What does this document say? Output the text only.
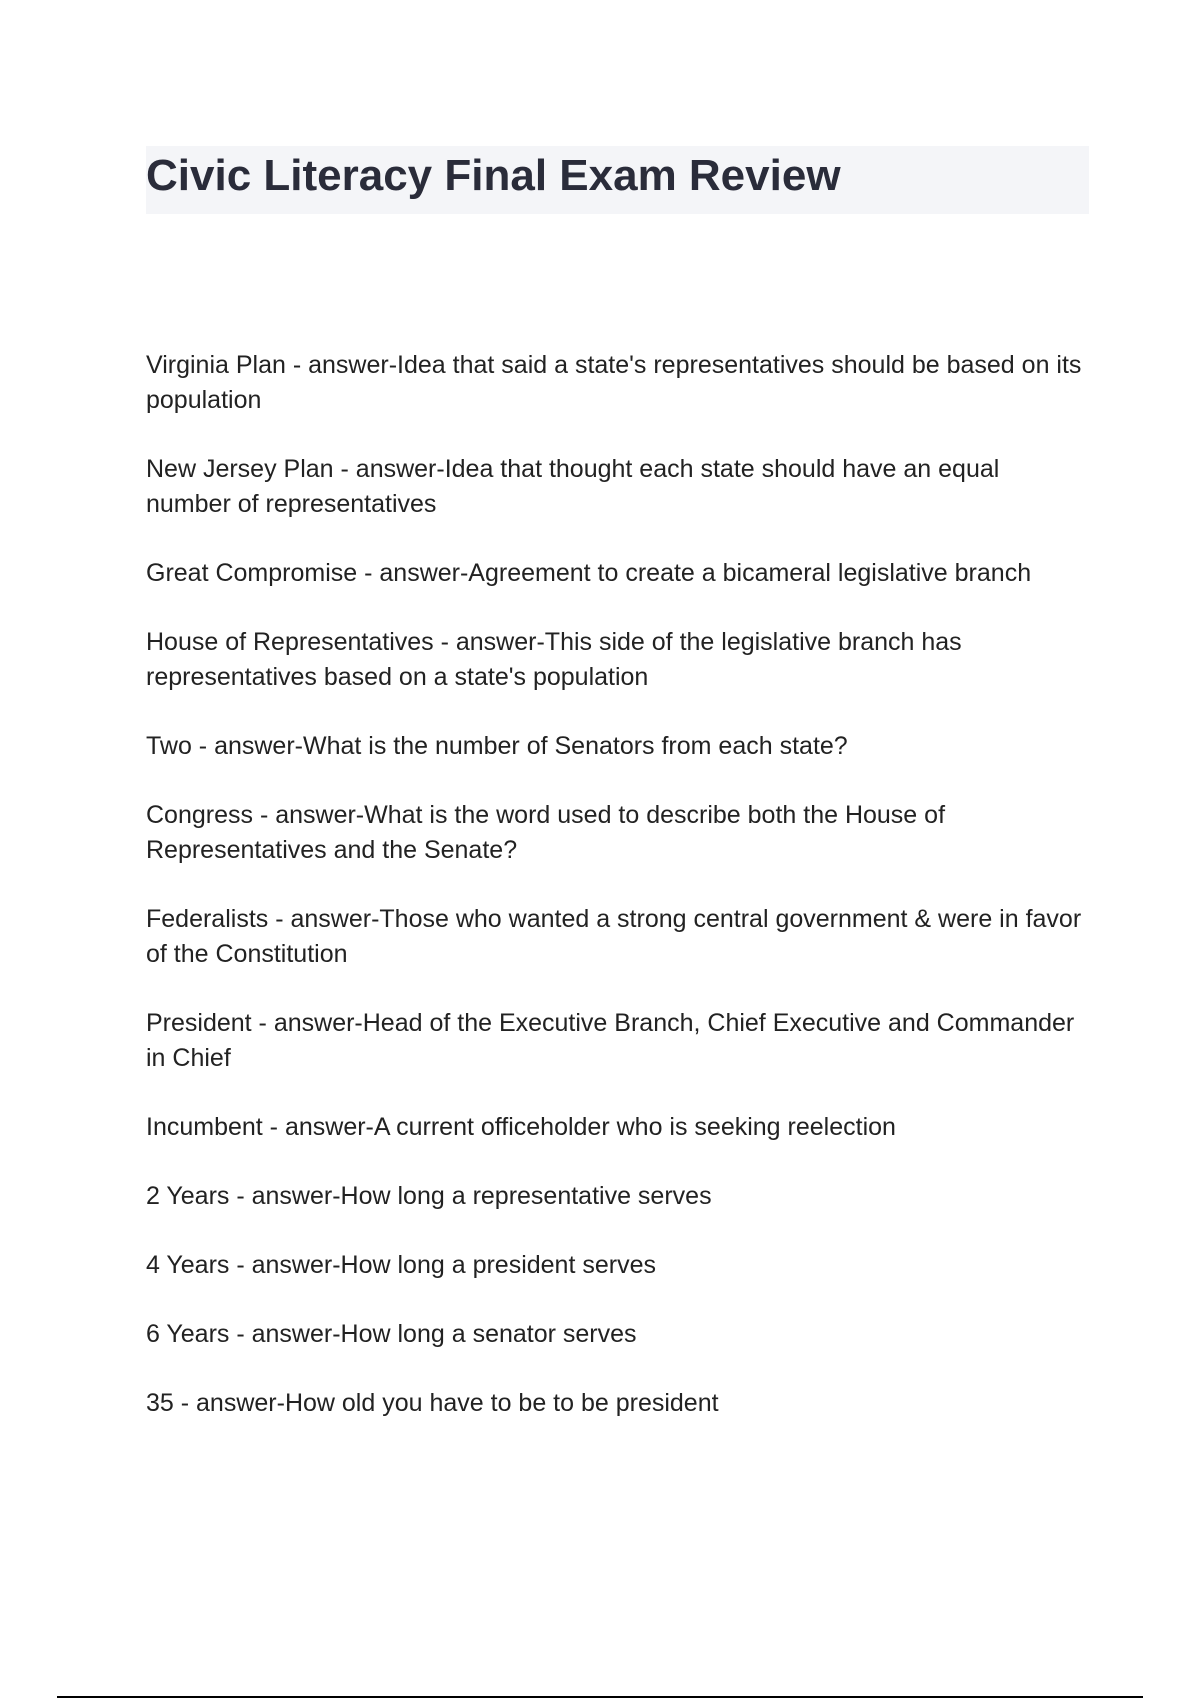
Civic Literacy Final Exam Review
Virginia Plan - answer-Idea that said a state's representatives should be based on its population
New Jersey Plan - answer-Idea that thought each state should have an equal number of representatives
Great Compromise - answer-Agreement to create a bicameral legislative branch
House of Representatives - answer-This side of the legislative branch has representatives based on a state's population
Two - answer-What is the number of Senators from each state?
Congress - answer-What is the word used to describe both the House of Representatives and the Senate?
Federalists - answer-Those who wanted a strong central government & were in favor of the Constitution
President - answer-Head of the Executive Branch, Chief Executive and Commander in Chief
Incumbent - answer-A current officeholder who is seeking reelection
2 Years - answer-How long a representative serves
4 Years - answer-How long a president serves
6 Years - answer-How long a senator serves
35 - answer-How old you have to be to be president
